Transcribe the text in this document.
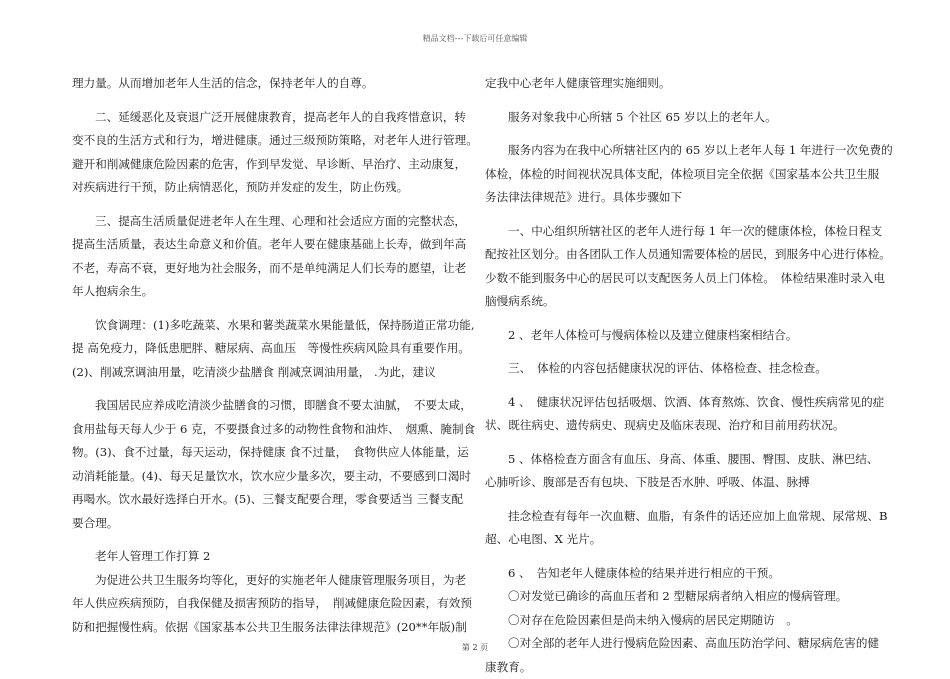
精品文档---下载后可任意编辑

理力量。从而增加老年人生活的信念，保持老年人的自尊。

二、延缓恶化及衰退广泛开展健康教育，提高老年人的自我疼惜意识，转

变不良的生活方式和行为，增进健康。通过三级预防策略，对老年人进行管理。

避开和削减健康危险因素的危害，作到早发觉、早诊断、早治疗、主动康复，

对疾病进行干预，防止病情恶化，预防并发症的发生，防止伤残。

三、提高生活质量促进老年人在生理、心理和社会适应方面的完整状态，

提高生活质量，表达生命意义和价值。老年人要在健康基础上长寿，做到年高

不老，寿高不衰，更好地为社会服务，而不是单纯满足人们长寿的愿望，让老

年人抱病余生。

饮食调理：(1)多吃蔬菜、水果和薯类蔬菜水果能量低，保持肠道正常功能,

提 高免疫力，降低患肥胖、糖尿病、高血压　等慢性疾病风险具有重要作用。

(2)、削减烹调油用量，吃清淡少盐膳食 削减烹调油用量， .为此，建议

我国居民应养成吃清淡少盐膳食的习惯，即膳食不要太油腻，　不要太咸，

食用盐每天每人少于 6 克，不要摄食过多的动物性食物和油炸、　烟熏、腌制食

物。(3)、食不过量，每天运动，保持健康 食不过量，　食物供应人体能量，运

动消耗能量。(4)、每天足量饮水，饮水应少量多次，要主动，不要感到口渴时

再喝水。饮水最好选择白开水。(5)、三餐支配要合理，零食要适当 三餐支配

要合理。

老年人管理工作打算 2

为促进公共卫生服务均等化，更好的实施老年人健康管理服务项目，为老

年人供应疾病预防，自我保健及损害预防的指导，　削减健康危险因素，有效预

防和把握慢性病。依据《国家基本公共卫生服务法律法律规范》(20**年版)制

定我中心老年人健康管理实施细则。

服务对象我中心所辖 5 个社区 65 岁以上的老年人。

服务内容为在我中心所辖社区内的 65 岁以上老年人每 1 年进行一次免费的

体检，体检的时间视状况具体支配，体检项目完全依据《国家基本公共卫生服

务法律法律规范》进行。具体步骤如下

一、中心组织所辖社区的老年人进行每 1 年一次的健康体检，体检日程支

配按社区划分。由各团队工作人员通知需要体检的居民，到服务中心进行体检。

少数不能到服务中心的居民可以支配医务人员上门体检。　体检结果准时录入电

脑慢病系统。

2 、老年人体检可与慢病体检以及建立健康档案相结合。

三、　体检的内容包括健康状况的评估、体格检查、挂念检查。

4 、　健康状况评估包括吸烟、饮酒、体育熬炼、饮食、慢性疾病常见的症

状、既往病史、遗传病史、现病史及临床表现、治疗和目前用药状况。

5 、体格检查方面含有血压、身高、体重、腰围、臀围、皮肤、淋巴结、

心肺听诊、腹部是否有包块、下肢是否水肿、呼吸、体温、脉搏

挂念检查有每年一次血糖、血脂，有条件的话还应加上血常规、尿常规、B

超、心电图、X 光片。

6 、　告知老年人健康体检的结果并进行相应的干预。

〇对发觉已确诊的高血压者和 2 型糖尿病者纳入相应的慢病管理。

〇对存在危险因素但是尚未纳入慢病的居民定期随访　。

〇对全部的老年人进行慢病危险因素、高血压防治学问、糖尿病危害的健

康教育。

第 2 页
